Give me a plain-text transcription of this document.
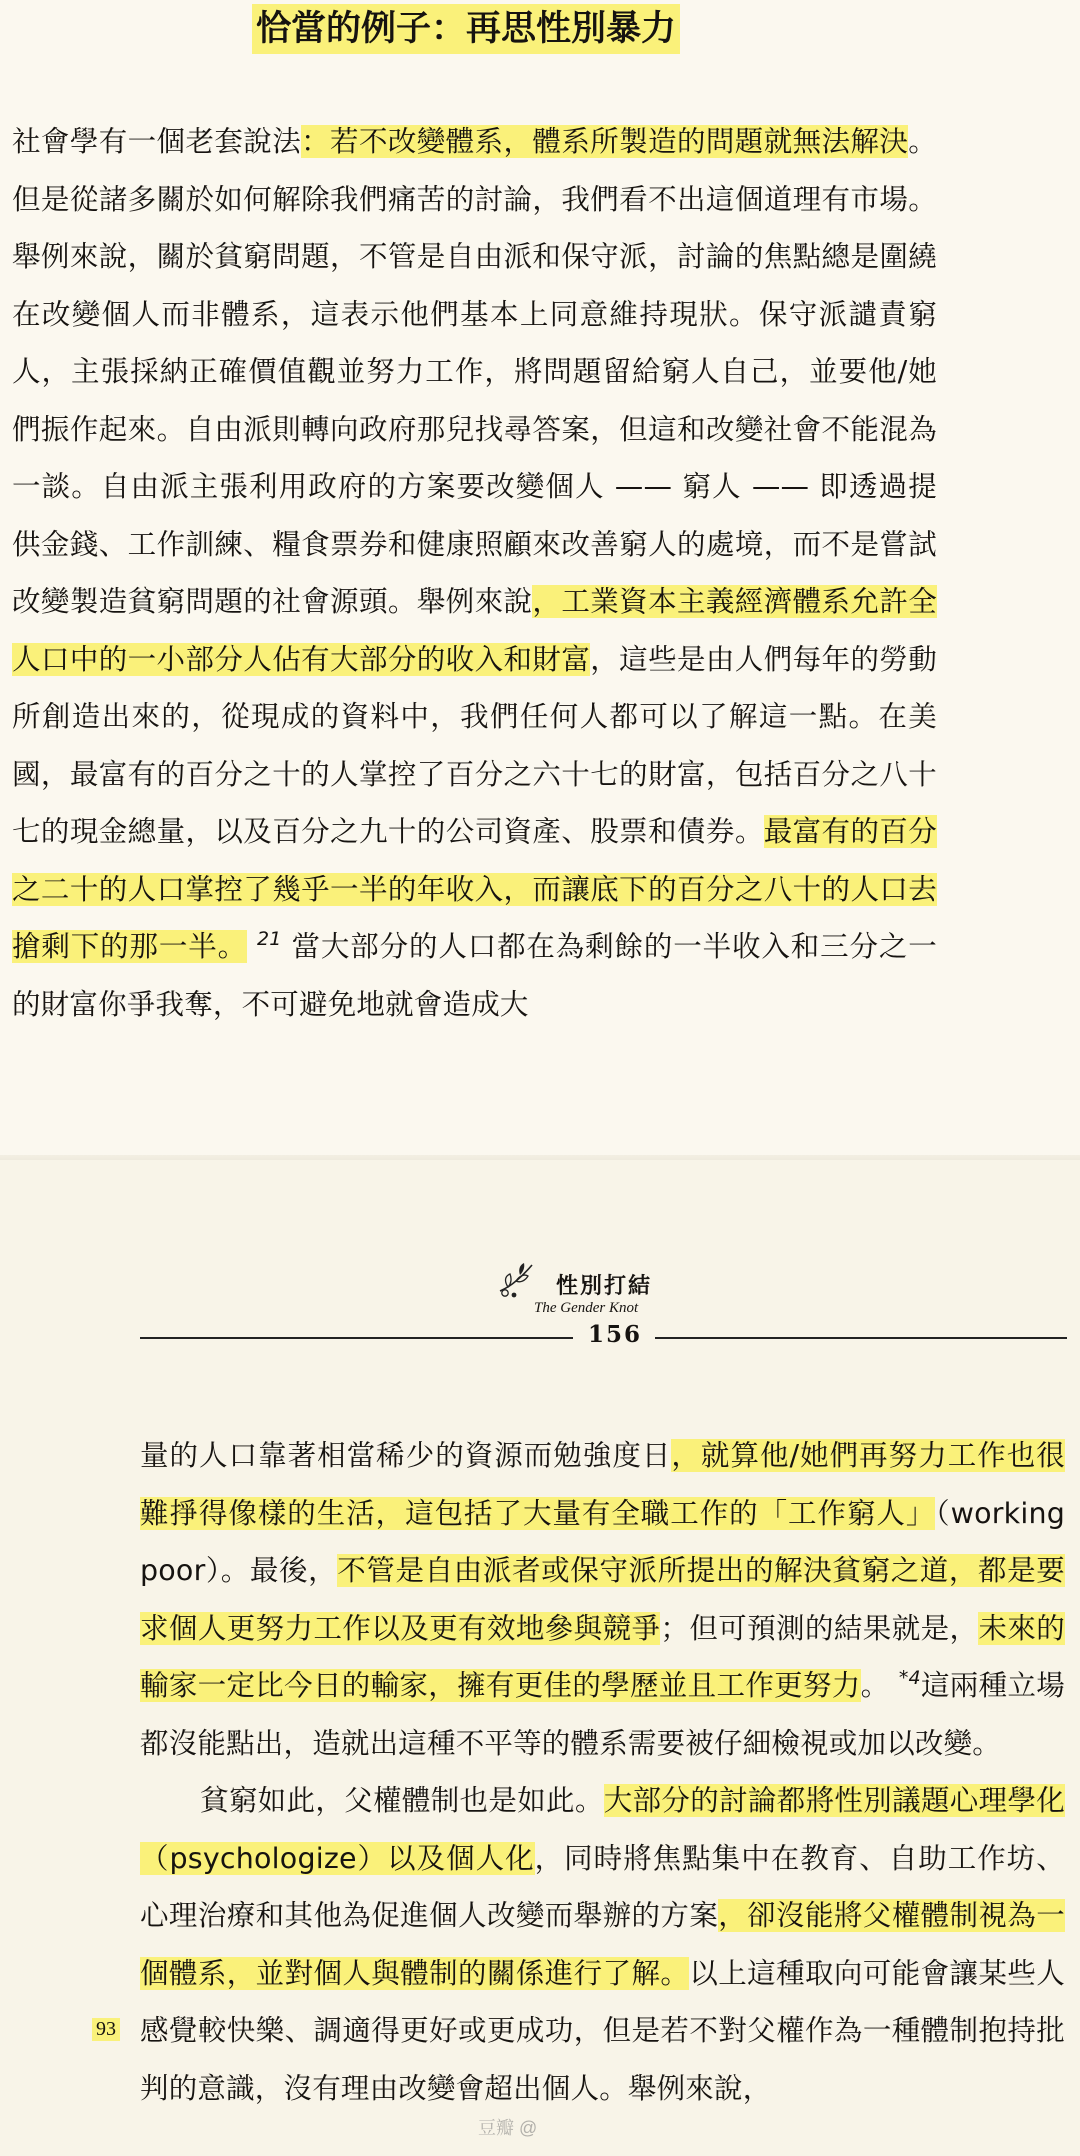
恰當的例子：再思性別暴力
社會學有一個老套說法：若不改變體系，體系所製造的問題就無法解決。但是從諸多關於如何解除我們痛苦的討論，我們看不出這個道理有市場。舉例來說，關於貧窮問題，不管是自由派和保守派，討論的焦點總是圍繞在改變個人而非體系，這表示他們基本上同意維持現狀。保守派譴責窮人，主張採納正確價值觀並努力工作，將問題留給窮人自己，並要他/她們振作起來。自由派則轉向政府那兒找尋答案，但這和改變社會不能混為一談。自由派主張利用政府的方案要改變個人 —— 窮人 —— 即透過提供金錢、工作訓練、糧食票券和健康照顧來改善窮人的處境，而不是嘗試改變製造貧窮問題的社會源頭。舉例來說，工業資本主義經濟體系允許全人口中的一小部分人佔有大部分的收入和財富，這些是由人們每年的勞動所創造出來的，從現成的資料中，我們任何人都可以了解這一點。在美國，最富有的百分之十的人掌控了百分之六十七的財富，包括百分之八十七的現金總量，以及百分之九十的公司資產、股票和債券。最富有的百分之二十的人口掌控了幾乎一半的年收入，而讓底下的百分之八十的人口去搶剩下的那一半。 $^{21}$ 當大部分的人口都在為剩餘的一半收入和三分之一的財富你爭我奪，不可避免地就會造成大
性別打結
The Gender Knot
156

量的人口靠著相當稀少的資源而勉強度日，就算他/她們再努力工作也很難掙得像樣的生活，這包括了大量有全職工作的「工作窮人」（working poor）。最後，不管是自由派者或保守派所提出的解決貧窮之道，都是要求個人更努力工作以及更有效地參與競爭；但可預測的結果就是，未來的輸家一定比今日的輸家，擁有更佳的學歷並且工作更努力。 $^{*4}$這兩種立場都沒能點出，造就出這種不平等的體系需要被仔細檢視或加以改變。

貧窮如此，父權體制也是如此。大部分的討論都將性別議題心理學化（psychologize）以及個人化，同時將焦點集中在教育、自助工作坊、心理治療和其他為促進個人改變而舉辦的方案，卻沒能將父權體制視為一個體系，並對個人與體制的關係進行了解。以上這種取向可能會讓某些人感覺較快樂、調適得更好或更成功，但是若不對父權作為一種體制抱持批判的意識，沒有理由改變會超出個人。舉例來說，

93
豆瓣 @
